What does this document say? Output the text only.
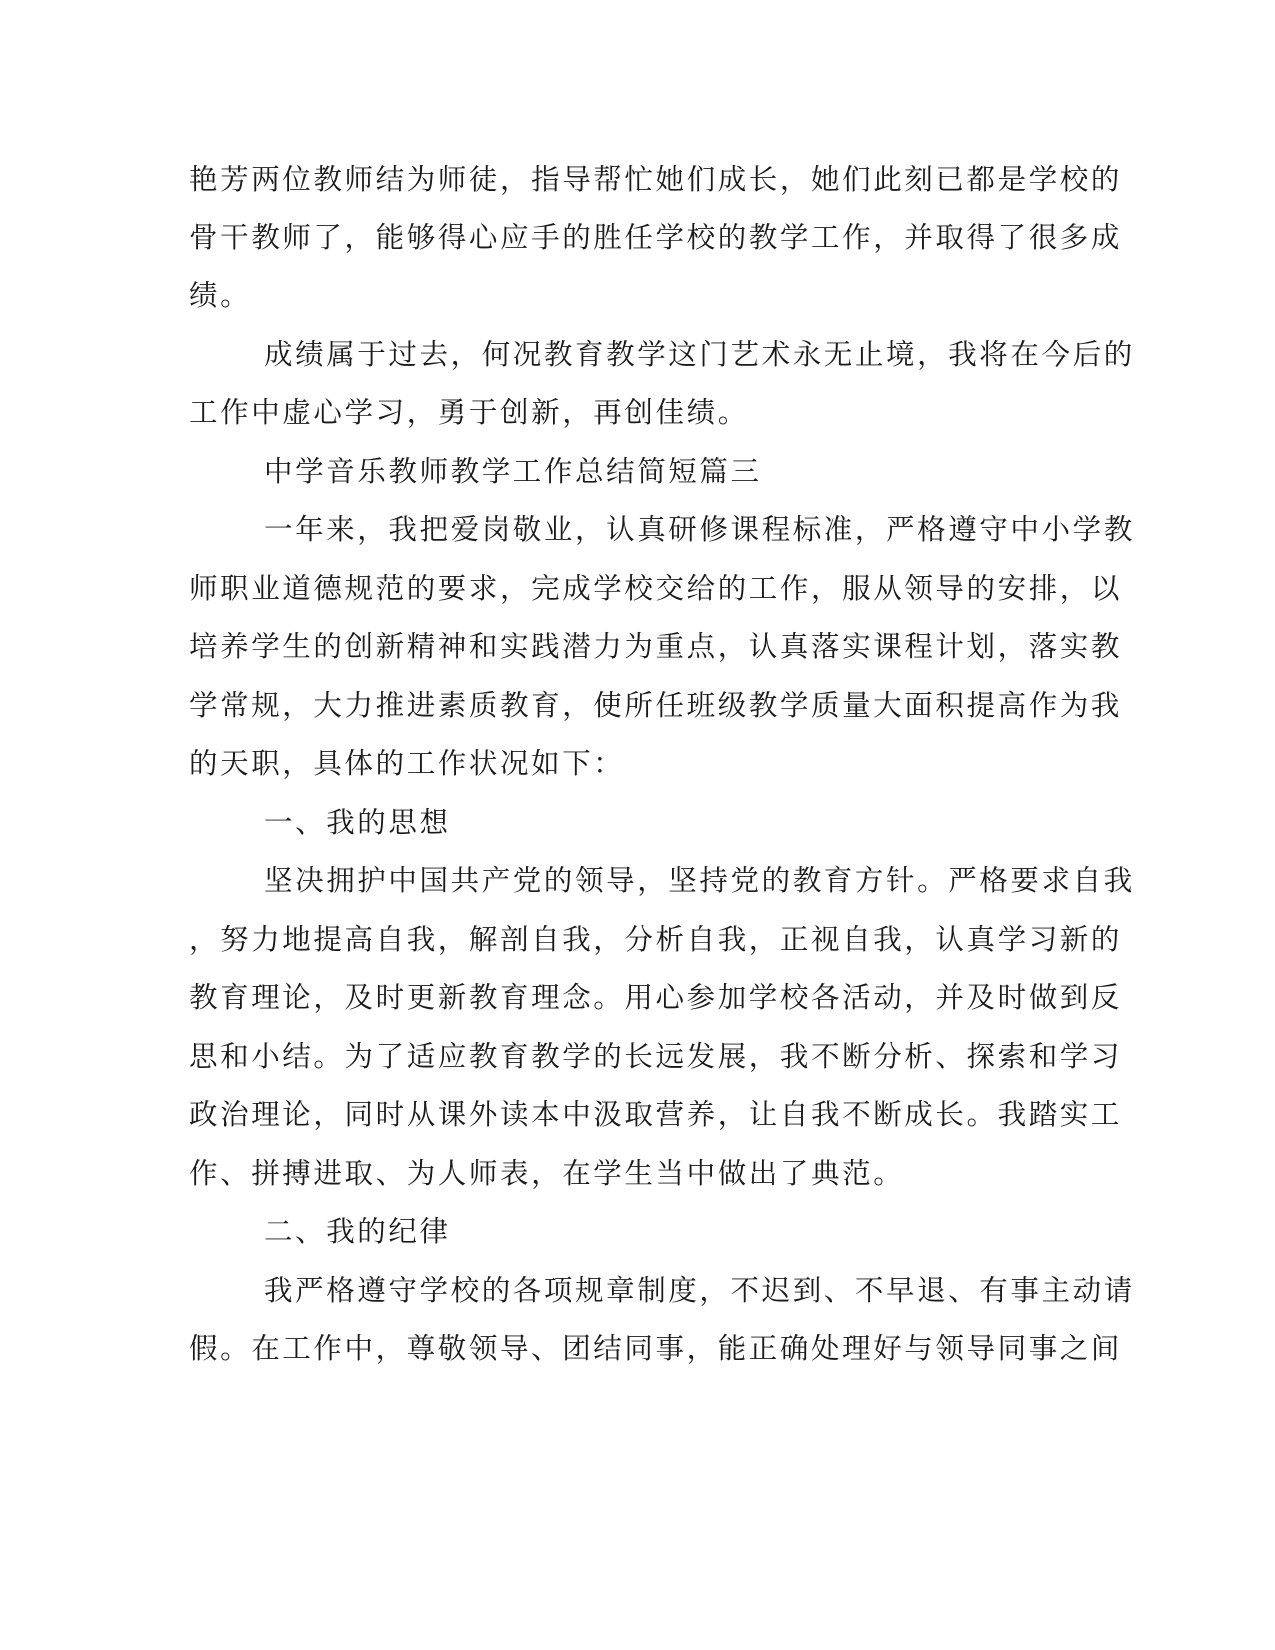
艳芳两位教师结为师徒，指导帮忙她们成长，她们此刻已都是学校的
骨干教师了，能够得心应手的胜任学校的教学工作，并取得了很多成
绩。
成绩属于过去，何况教育教学这门艺术永无止境，我将在今后的
工作中虚心学习，勇于创新，再创佳绩。
中学音乐教师教学工作总结简短篇三
一年来，我把爱岗敬业，认真研修课程标准，严格遵守中小学教
师职业道德规范的要求，完成学校交给的工作，服从领导的安排，以
培养学生的创新精神和实践潜力为重点，认真落实课程计划，落实教
学常规，大力推进素质教育，使所任班级教学质量大面积提高作为我
的天职，具体的工作状况如下：
一、我的思想
坚决拥护中国共产党的领导，坚持党的教育方针。严格要求自我
，努力地提高自我，解剖自我，分析自我，正视自我，认真学习新的
教育理论，及时更新教育理念。用心参加学校各活动，并及时做到反
思和小结。为了适应教育教学的长远发展，我不断分析、探索和学习
政治理论，同时从课外读本中汲取营养，让自我不断成长。我踏实工
作、拼搏进取、为人师表，在学生当中做出了典范。
二、我的纪律
我严格遵守学校的各项规章制度，不迟到、不早退、有事主动请
假。在工作中，尊敬领导、团结同事，能正确处理好与领导同事之间
